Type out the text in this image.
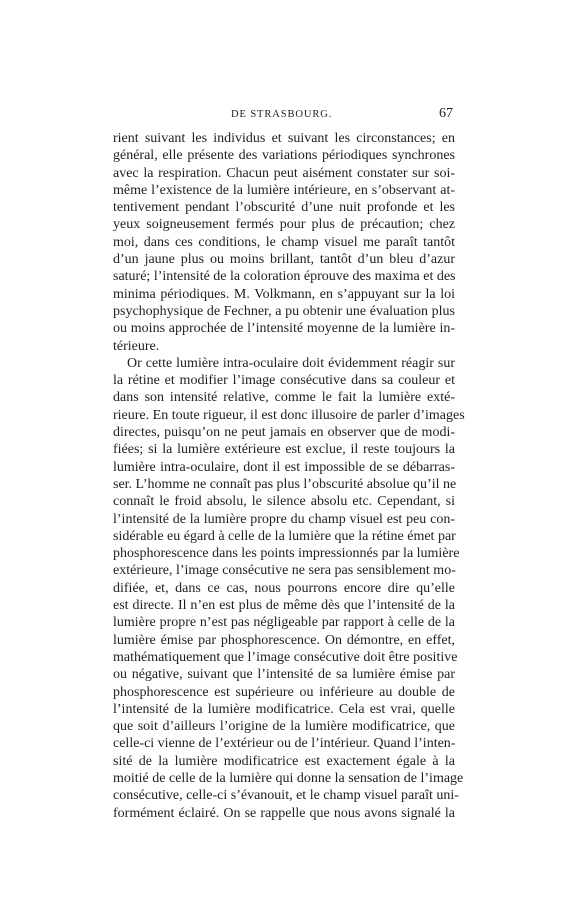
DE STRASBOURG.	67
rient suivant les individus et suivant les circonstances; en
général, elle présente des variations périodiques synchrones
avec la respiration. Chacun peut aisément constater sur soi-
même l’existence de la lumière intérieure, en s’observant at-
tentivement pendant l’obscurité d’une nuit profonde et les
yeux soigneusement fermés pour plus de précaution; chez
moi, dans ces conditions, le champ visuel me paraît tantôt
d’un jaune plus ou moins brillant, tantôt d’un bleu d’azur
saturé; l’intensité de la coloration éprouve des maxima et des
minima périodiques. M. Volkmann, en s’appuyant sur la loi
psychophysique de Fechner, a pu obtenir une évaluation plus
ou moins approchée de l’intensité moyenne de la lumière in-
térieure.
Or cette lumière intra-oculaire doit évidemment réagir sur
la rétine et modifier l’image consécutive dans sa couleur et
dans son intensité relative, comme le fait la lumière exté-
rieure. En toute rigueur, il est donc illusoire de parler d’images
directes, puisqu’on ne peut jamais en observer que de modi-
fiées; si la lumière extérieure est exclue, il reste toujours la
lumière intra-oculaire, dont il est impossible de se débarras-
ser. L’homme ne connaît pas plus l’obscurité absolue qu’il ne
connaît le froid absolu, le silence absolu etc. Cependant, si
l’intensité de la lumière propre du champ visuel est peu con-
sidérable eu égard à celle de la lumière que la rétine émet par
phosphorescence dans les points impressionnés par la lumière
extérieure, l’image consécutive ne sera pas sensiblement mo-
difiée, et, dans ce cas, nous pourrons encore dire qu’elle
est directe. Il n’en est plus de même dès que l’intensité de la
lumière propre n’est pas négligeable par rapport à celle de la
lumière émise par phosphorescence. On démontre, en effet,
mathématiquement que l’image consécutive doit être positive
ou négative, suivant que l’intensité de sa lumière émise par
phosphorescence est supérieure ou inférieure au double de
l’intensité de la lumière modificatrice. Cela est vrai, quelle
que soit d’ailleurs l’origine de la lumière modificatrice, que
celle-ci vienne de l’extérieur ou de l’intérieur. Quand l’inten-
sité de la lumière modificatrice est exactement égale à la
moitié de celle de la lumière qui donne la sensation de l’image
consécutive, celle-ci s’évanouit, et le champ visuel paraît uni-
formément éclairé. On se rappelle que nous avons signalé la
